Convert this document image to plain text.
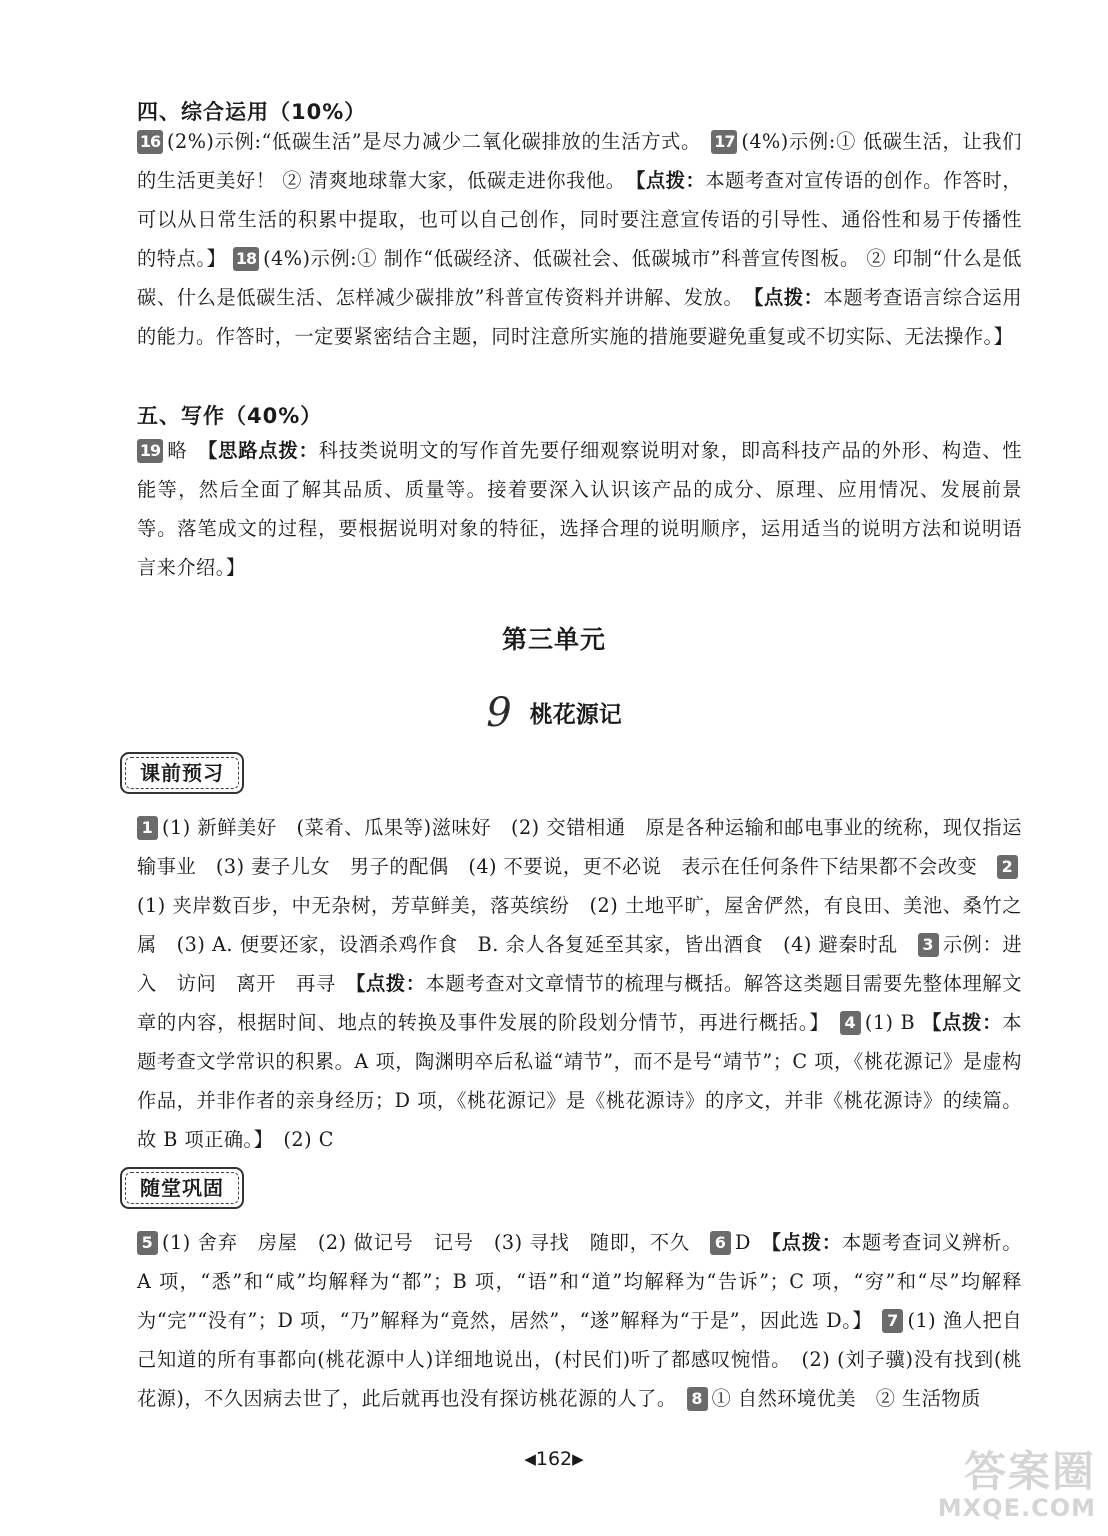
四、综合运用（10%）

16 (2%)示例:“低碳生活”是尽力减少二氧化碳排放的生活方式。　 17 (4%)示例:① 低碳生活，让我们的生活更美好！ ② 清爽地球靠大家，低碳走进你我他。　 【点拨：本题考查对宣传语的创作。作答时，可以从日常生活的积累中提取，也可以自己创作，同时要注意宣传语的引导性、通俗性和易于传播性的特点。】 18 (4%)示例:① 制作“低碳经济、低碳社会、低碳城市”科普宣传图板。 ② 印制“什么是低碳、什么是低碳生活、怎样减少碳排放”科普宣传资料并讲解、发放。　 【点拨：本题考查语言综合运用的能力。作答时，一定要紧密结合主题，同时注意所实施的措施要避免重复或不切实际、无法操作。】

五、写作（40%）

19 略　 【思路点拨：科技类说明文的写作首先要仔细观察说明对象，即高科技产品的外形、构造、性能等，然后全面了解其品质、质量等。接着要深入认识该产品的成分、原理、应用情况、发展前景等。落笔成文的过程，要根据说明对象的特征，选择合理的说明顺序，运用适当的说明方法和说明语言来介绍。】

第三单元
9 桃花源记
课前预习

1 (1) 新鲜美好　(菜肴、瓜果等)滋味好　(2) 交错相通　原是各种运输和邮电事业的统称，现仅指运输事业　(3) 妻子儿女　男子的配偶　(4) 不要说，更不必说　表示在任何条件下结果都不会改变　 2(1) 夹岸数百步，中无杂树，芳草鲜美，落英缤纷　(2) 土地平旷，屋舍俨然，有良田、美池、桑竹之属　(3) A. 便要还家，设酒杀鸡作食　B. 余人各复延至其家，皆出酒食　(4) 避秦时乱　 3 示例：进入　访问　离开　再寻　 【点拨：本题考查对文章情节的梳理与概括。解答这类题目需要先整体理解文章的内容，根据时间、地点的转换及事件发展的阶段划分情节，再进行概括。】　 4 (1) B 【点拨：本题考查文学常识的积累。A 项，陶渊明卒后私谥“靖节”，而不是号“靖节”；C 项，《桃花源记》是虚构作品，并非作者的亲身经历；D 项，《桃花源记》是《桃花源诗》的序文，并非《桃花源诗》的续篇。故 B 项正确。】　 (2) C

随堂巩固

5 (1) 舍弃　房屋　(2) 做记号　记号　(3) 寻找　随即，不久　 6 D　 【点拨：本题考查词义辨析。A 项，“悉”和“咸”均解释为“都”；B 项，“语”和“道”均解释为“告诉”；C 项，“穷”和“尽”均解释为“完”“没有”；D 项，“乃”解释为“竟然，居然”，“遂”解释为“于是”，因此选 D。】　 7 (1) 渔人把自己知道的所有事都向(桃花源中人)详细地说出，(村民们)听了都感叹惋惜。　(2) (刘子骥)没有找到(桃花源)，不久因病去世了，此后就再也没有探访桃花源的人了。　 8 ① 自然环境优美　② 生活物质

◀162▶	答案圈
MXQE.COM
